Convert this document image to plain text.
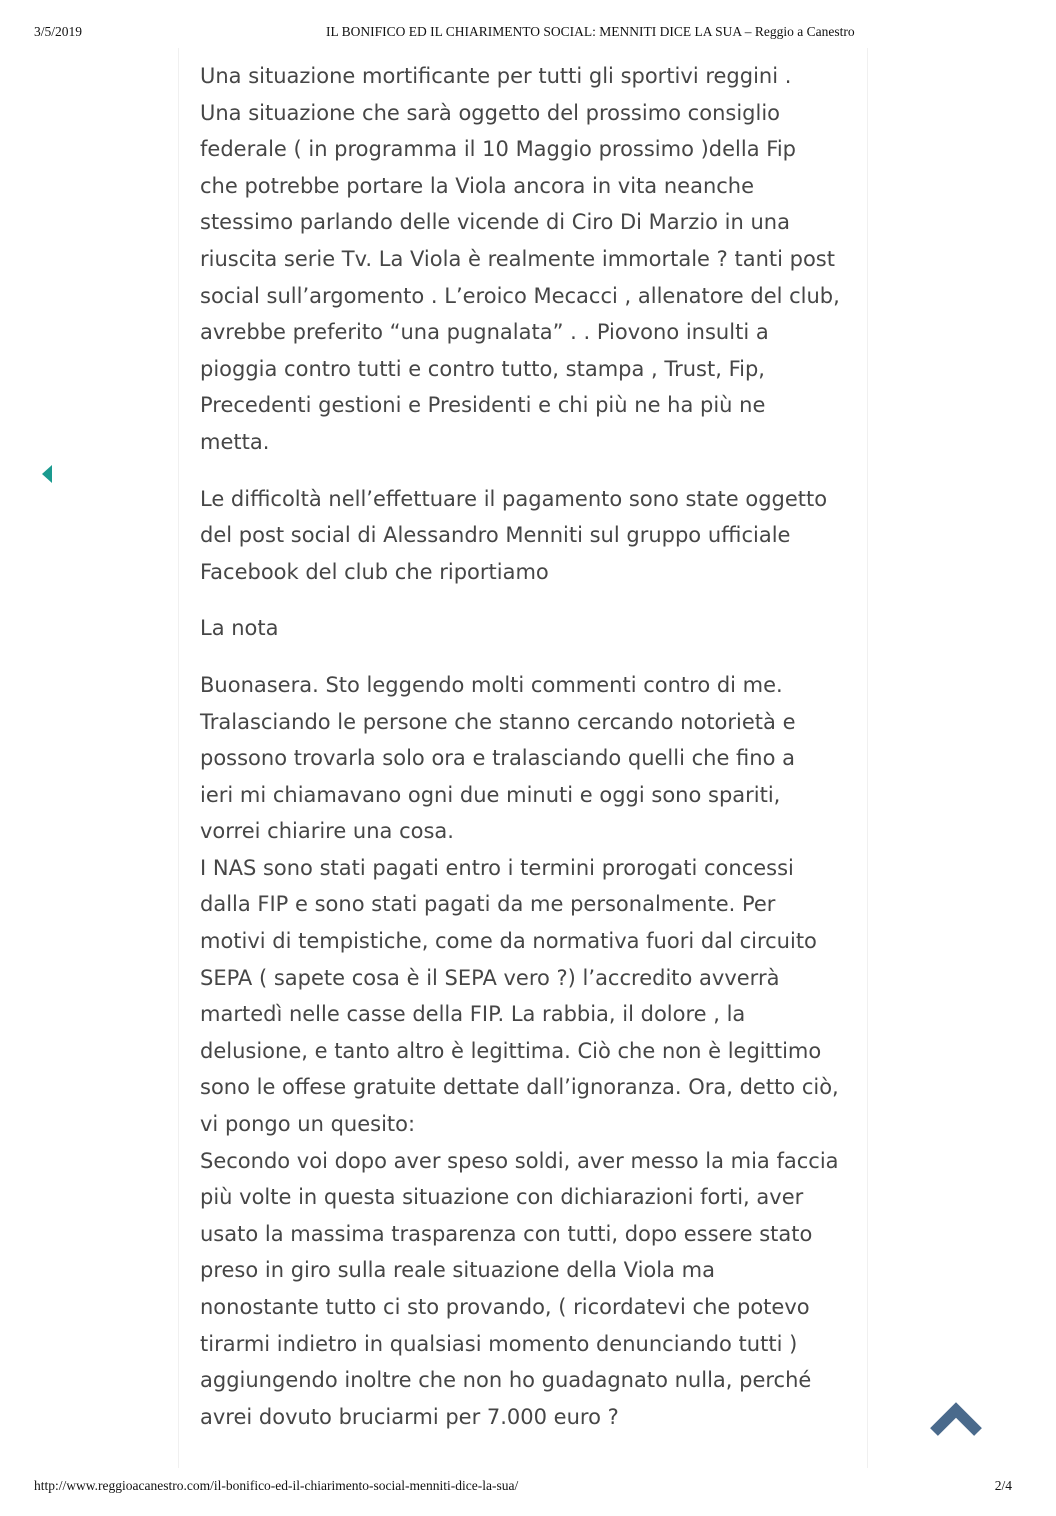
3/5/2019	IL BONIFICO ED IL CHIARIMENTO SOCIAL: MENNITI DICE LA SUA – Reggio a Canestro

Una situazione mortificante per tutti gli sportivi reggini .
Una situazione che sarà oggetto del prossimo consiglio
federale ( in programma il 10 Maggio prossimo )della Fip
che potrebbe portare la Viola ancora in vita neanche
stessimo parlando delle vicende di Ciro Di Marzio in una
riuscita serie Tv. La Viola è realmente immortale ? tanti post
social sull’argomento . L’eroico Mecacci , allenatore del club,
avrebbe preferito “una pugnalata” . . Piovono insulti a
pioggia contro tutti e contro tutto, stampa , Trust, Fip,
Precedenti gestioni e Presidenti e chi più ne ha più ne
metta.

Le difficoltà nell’effettuare il pagamento sono state oggetto
del post social di Alessandro Menniti sul gruppo ufficiale
Facebook del club che riportiamo

La nota

Buonasera. Sto leggendo molti commenti contro di me.
Tralasciando le persone che stanno cercando notorietà e
possono trovarla solo ora e tralasciando quelli che fino a
ieri mi chiamavano ogni due minuti e oggi sono spariti,
vorrei chiarire una cosa.
I NAS sono stati pagati entro i termini prorogati concessi
dalla FIP e sono stati pagati da me personalmente. Per
motivi di tempistiche, come da normativa fuori dal circuito
SEPA ( sapete cosa è il SEPA vero ?) l’accredito avverrà
martedì nelle casse della FIP. La rabbia, il dolore , la
delusione, e tanto altro è legittima. Ciò che non è legittimo
sono le offese gratuite dettate dall’ignoranza. Ora, detto ciò,
vi pongo un quesito:
Secondo voi dopo aver speso soldi, aver messo la mia faccia
più volte in questa situazione con dichiarazioni forti, aver
usato la massima trasparenza con tutti, dopo essere stato
preso in giro sulla reale situazione della Viola ma
nonostante tutto ci sto provando, ( ricordatevi che potevo
tirarmi indietro in qualsiasi momento denunciando tutti )
aggiungendo inoltre che non ho guadagnato nulla, perché
avrei dovuto bruciarmi per 7.000 euro ?

http://www.reggioacanestro.com/il-bonifico-ed-il-chiarimento-social-menniti-dice-la-sua/	2/4
